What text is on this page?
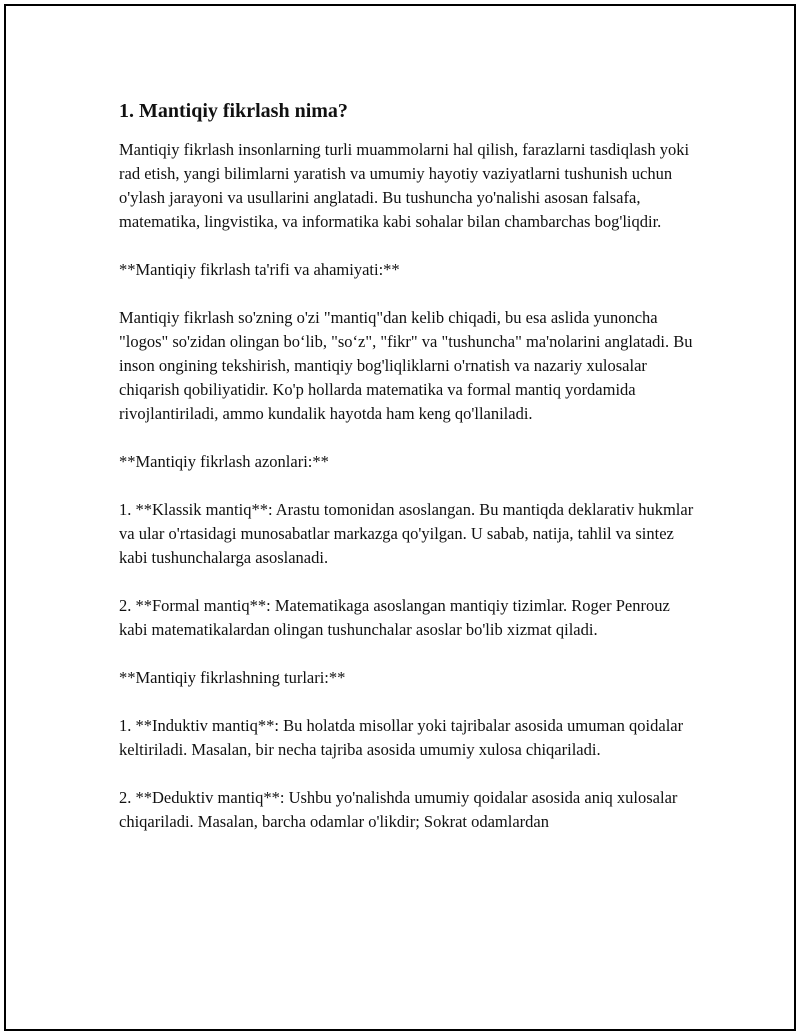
1. Mantiqiy fikrlash nima?

Mantiqiy fikrlash insonlarning turli muammolarni hal qilish, farazlarni tasdiqlash yoki rad etish, yangi bilimlarni yaratish va umumiy hayotiy vaziyatlarni tushunish uchun o'ylash jarayoni va usullarini anglatadi. Bu tushuncha yo'nalishi asosan falsafa, matematika, lingvistika, va informatika kabi sohalar bilan chambarchas bog'liqdir.

**Mantiqiy fikrlash ta'rifi va ahamiyati:**

Mantiqiy fikrlash so'zning o'zi "mantiq"dan kelib chiqadi, bu esa aslida yunoncha "logos" so'zidan olingan bo‘lib, "so‘z", "fikr" va "tushuncha" ma'nolarini anglatadi. Bu inson ongining tekshirish, mantiqiy bog'liqliklarni o'rnatish va nazariy xulosalar chiqarish qobiliyatidir. Ko'p hollarda matematika va formal mantiq yordamida rivojlantiriladi, ammo kundalik hayotda ham keng qo'llaniladi.

**Mantiqiy fikrlash azonlari:**

1. **Klassik mantiq**: Arastu tomonidan asoslangan. Bu mantiqda deklarativ hukmlar va ular o'rtasidagi munosabatlar markazga qo'yilgan. U sabab, natija, tahlil va sintez kabi tushunchalarga asoslanadi.

2. **Formal mantiq**: Matematikaga asoslangan mantiqiy tizimlar. Roger Penrouz kabi matematikalardan olingan tushunchalar asoslar bo'lib xizmat qiladi.

**Mantiqiy fikrlashning turlari:**

1. **Induktiv mantiq**: Bu holatda misollar yoki tajribalar asosida umuman qoidalar keltiriladi. Masalan, bir necha tajriba asosida umumiy xulosa chiqariladi.

2. **Deduktiv mantiq**: Ushbu yo'nalishda umumiy qoidalar asosida aniq xulosalar chiqariladi. Masalan, barcha odamlar o'likdir; Sokrat odamlardan
